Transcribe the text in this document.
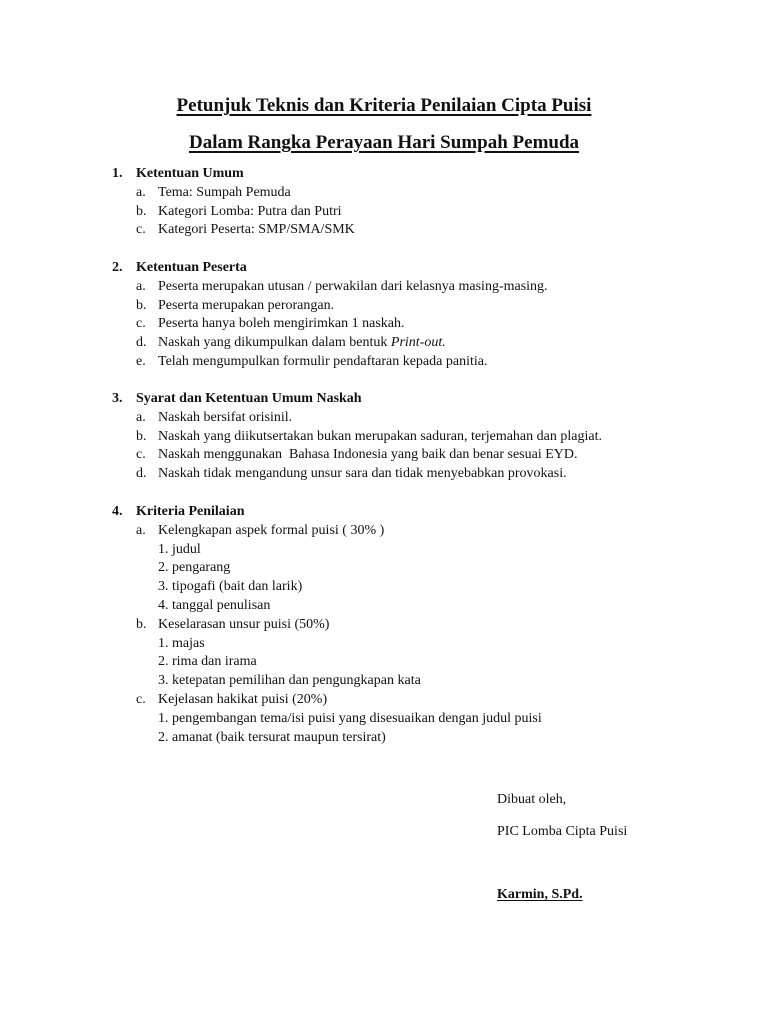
Petunjuk Teknis dan Kriteria Penilaian Cipta Puisi
Dalam Rangka Perayaan Hari Sumpah Pemuda
1. Ketentuan Umum
a. Tema: Sumpah Pemuda
b. Kategori Lomba: Putra dan Putri
c. Kategori Peserta: SMP/SMA/SMK
2. Ketentuan Peserta
a. Peserta merupakan utusan / perwakilan dari kelasnya masing-masing.
b. Peserta merupakan perorangan.
c. Peserta hanya boleh mengirimkan 1 naskah.
d. Naskah yang dikumpulkan dalam bentuk Print-out.
e. Telah mengumpulkan formulir pendaftaran kepada panitia.
3. Syarat dan Ketentuan Umum Naskah
a. Naskah bersifat orisinil.
b. Naskah yang diikutsertakan bukan merupakan saduran, terjemahan dan plagiat.
c. Naskah menggunakan  Bahasa Indonesia yang baik dan benar sesuai EYD.
d. Naskah tidak mengandung unsur sara dan tidak menyebabkan provokasi.
4. Kriteria Penilaian
a. Kelengkapan aspek formal puisi ( 30% )
1. judul
2. pengarang
3. tipogafi (bait dan larik)
4. tanggal penulisan
b. Keselarasan unsur puisi (50%)
1. majas
2. rima dan irama
3. ketepatan pemilihan dan pengungkapan kata
c. Kejelasan hakikat puisi (20%)
1. pengembangan tema/isi puisi yang disesuaikan dengan judul puisi
2. amanat (baik tersurat maupun tersirat)
Dibuat oleh,
PIC Lomba Cipta Puisi
Karmin, S.Pd.
